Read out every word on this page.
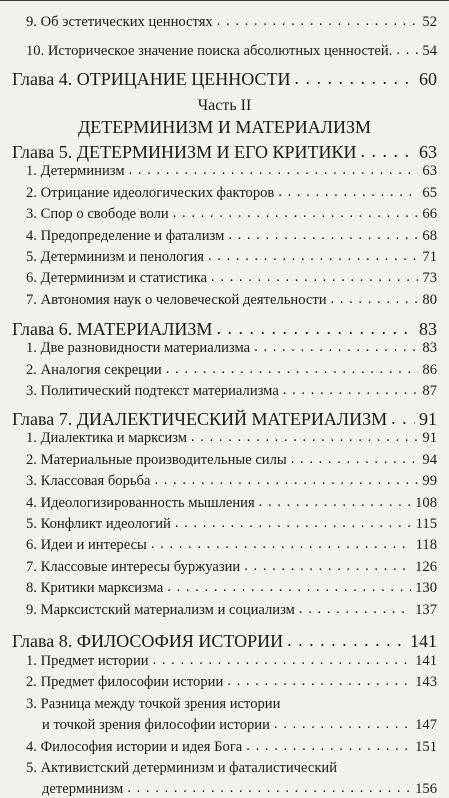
9. Об эстетических ценностях . . .	52
10. Историческое значение поиска абсолютных ценностей. . . . 54
Глава 4. ОТРИЦАНИЕ ЦЕННОСТИ . . .	60
Часть II
ДЕТЕРМИНИЗМ И МАТЕРИАЛИЗМ
Глава 5. ДЕТЕРМИНИЗМ И ЕГО КРИТИКИ . . .	63
1. Детерминизм . . .	63
2. Отрицание идеологических факторов . . .	65
3. Спор о свободе воли . . .	66
4. Предопределение и фатализм . . .	68
5. Детерминизм и пенология . . .	71
6. Детерминизм и статистика . . .	73
7. Автономия наук о человеческой деятельности . . .	80
Глава 6. МАТЕРИАЛИЗМ . . .	83
1. Две разновидности материализма . . .	83
2. Аналогия секреции . . .	86
3. Политический подтекст материализма . . .	87
Глава 7. ДИАЛЕКТИЧЕСКИЙ МАТЕРИАЛИЗМ . . . 91
1. Диалектика и марксизм . . .	91
2. Материальные производительные силы . . .	94
3. Классовая борьба . . .	99
4. Идеологизированность мышления . . .	108
5. Конфликт идеологий . . .	115
6. Идеи и интересы . . .	118
7. Классовые интересы буржуазии . . .	126
8. Критики марксизма . . .	130
9. Марксистский материализм и социализм . . .	137
Глава 8. ФИЛОСОФИЯ ИСТОРИИ . . .	141
1. Предмет истории . . .	141
2. Предмет философии истории . . .	143
3. Разница между точкой зрения истории
и точкой зрения философии истории . . .	147
4. Философия истории и идея Бога . . .	151
5. Активистский детерминизм и фаталистический
детерминизм . . .	156
